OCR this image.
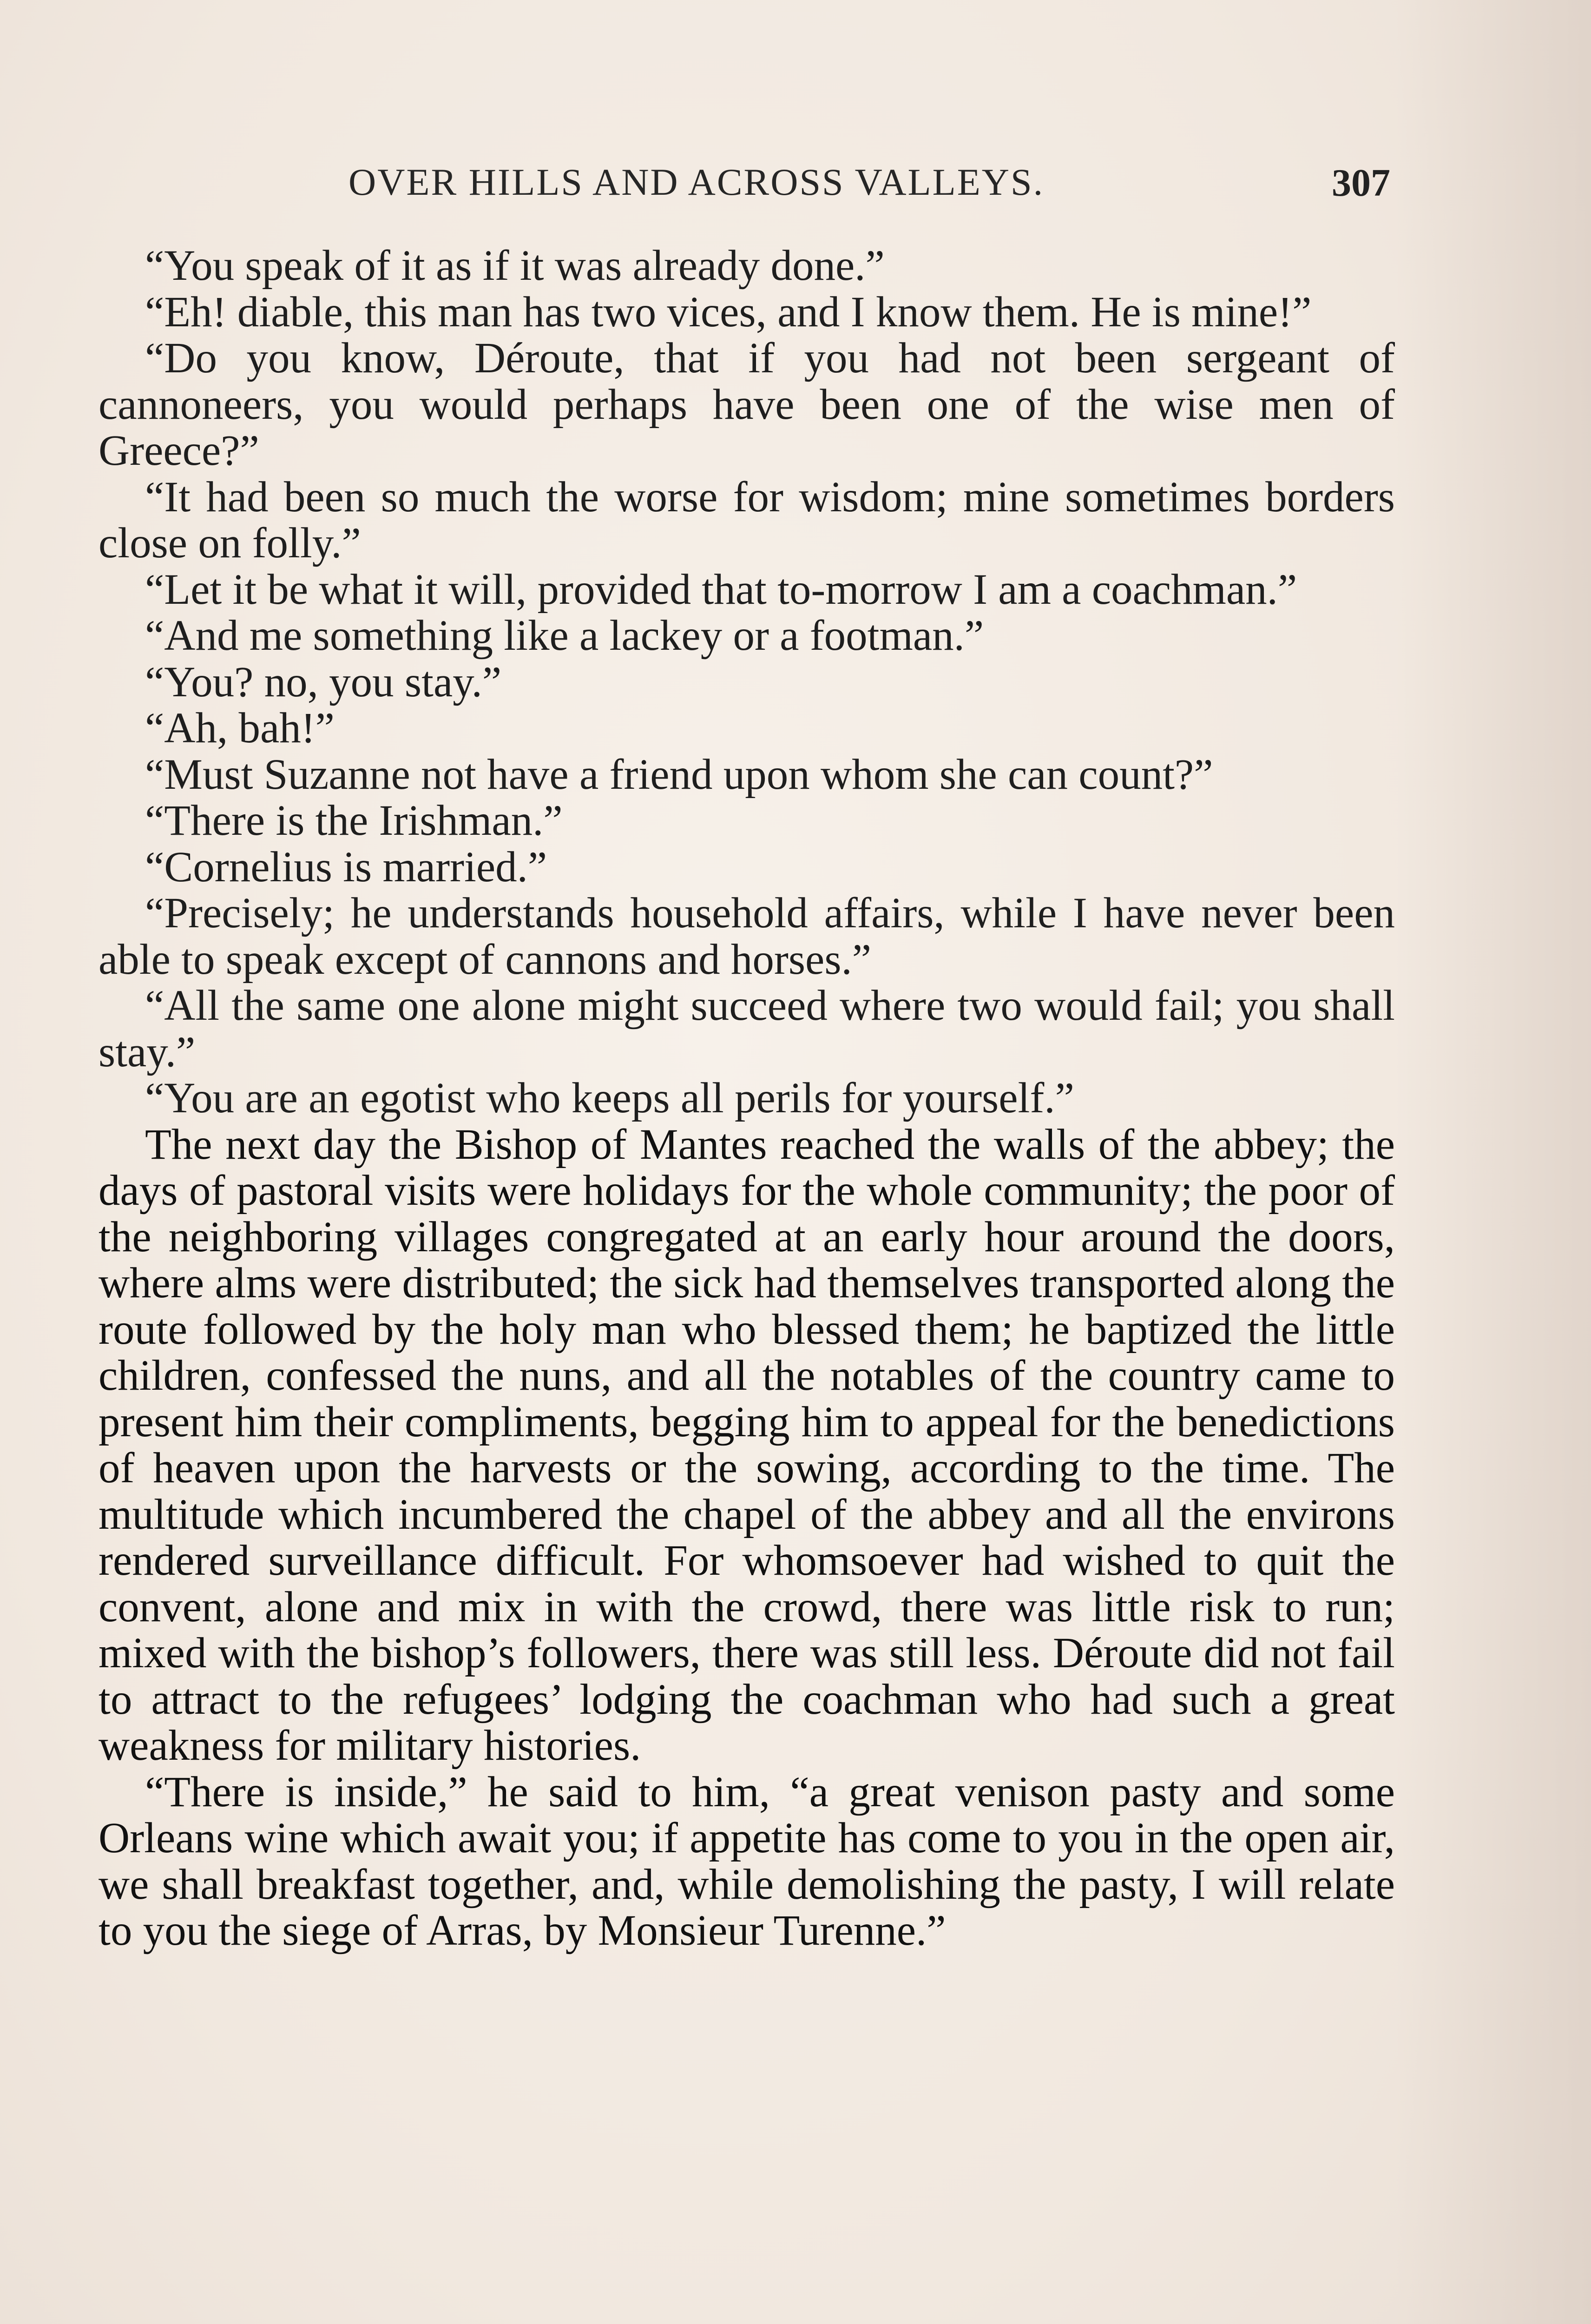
OVER HILLS AND ACROSS VALLEYS.	307

“You speak of it as if it was already done.”

“Eh! diable, this man has two vices, and I know them. He is mine!”

“Do you know, Déroute, that if you had not been sergeant of cannoneers, you would perhaps have been one of the wise men of Greece?”

“It had been so much the worse for wisdom; mine sometimes borders close on folly.”

“Let it be what it will, provided that to-morrow I am a coachman.”

“And me something like a lackey or a footman.”

“You? no, you stay.”

“Ah, bah!”

“Must Suzanne not have a friend upon whom she can count?”

“There is the Irishman.”

“Cornelius is married.”

“Precisely; he understands household affairs, while I have never been able to speak except of cannons and horses.”

“All the same one alone might succeed where two would fail; you shall stay.”

“You are an egotist who keeps all perils for yourself.”

The next day the Bishop of Mantes reached the walls of the abbey; the days of pastoral visits were holidays for the whole community; the poor of the neighboring villages congregated at an early hour around the doors, where alms were distributed; the sick had themselves transported along the route followed by the holy man who blessed them; he baptized the little children, confessed the nuns, and all the notables of the country came to present him their compliments, begging him to appeal for the benedictions of heaven upon the harvests or the sowing, according to the time. The multitude which incumbered the chapel of the abbey and all the environs rendered surveillance difficult. For whomsoever had wished to quit the convent, alone and mix in with the crowd, there was little risk to run; mixed with the bishop’s followers, there was still less. Déroute did not fail to attract to the refugees’ lodging the coachman who had such a great weakness for military histories.

“There is inside,” he said to him, “a great venison pasty and some Orleans wine which await you; if appetite has come to you in the open air, we shall breakfast together, and, while demolishing the pasty, I will relate to you the siege of Arras, by Monsieur Turenne.”
